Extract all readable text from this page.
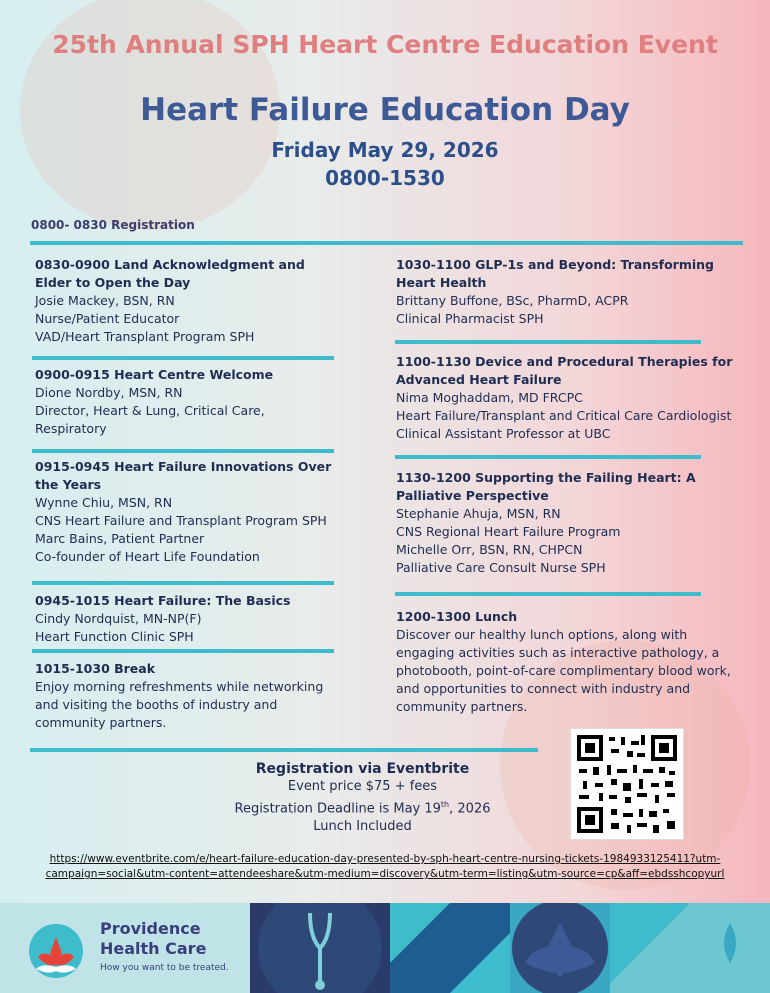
25th Annual SPH Heart Centre Education Event
Heart Failure Education Day
Friday May 29, 2026
0800-1530
0800- 0830 Registration

0830-0900 Land Acknowledgment and Elder to Open the Day

Josie Mackey, BSN, RN

Nurse/Patient Educator

VAD/Heart Transplant Program SPH

0900-0915 Heart Centre Welcome

Dione Nordby, MSN, RN

Director, Heart & Lung, Critical Care, Respiratory

0915-0945 Heart Failure Innovations Over the Years

Wynne Chiu, MSN, RN

CNS Heart Failure and Transplant Program SPH

Marc Bains, Patient Partner

Co-founder of Heart Life Foundation

0945-1015 Heart Failure: The Basics

Cindy Nordquist, MN-NP(F)

Heart Function Clinic SPH

1015-1030 Break

Enjoy morning refreshments while networking and visiting the booths of industry and community partners.

1030-1100 GLP-1s and Beyond: Transforming Heart Health

Brittany Buffone, BSc, PharmD, ACPR

Clinical Pharmacist SPH

1100-1130 Device and Procedural Therapies for Advanced Heart Failure

Nima Moghaddam, MD FRCPC

Heart Failure/Transplant and Critical Care Cardiologist

Clinical Assistant Professor at UBC

1130-1200 Supporting the Failing Heart: A Palliative Perspective

Stephanie Ahuja, MSN, RN

CNS Regional Heart Failure Program

Michelle Orr, BSN, RN, CHPCN

Palliative Care Consult Nurse SPH

1200-1300 Lunch

Discover our healthy lunch options, along with engaging activities such as interactive pathology, a photobooth, point-of-care complimentary blood work, and opportunities to connect with industry and community partners.

Registration via Eventbrite
Event price $75 + fees
Registration Deadline is May 19th, 2026
Lunch Included
https://www.eventbrite.com/e/heart-failure-education-day-presented-by-sph-heart-centre-nursing-tickets-1984933125411?utm-campaign=social&utm-content=attendeeshare&utm-medium=discovery&utm-term=listing&utm-source=cp&aff=ebdsshcopyurl
Providence
Health Care
How you want to be treated.
